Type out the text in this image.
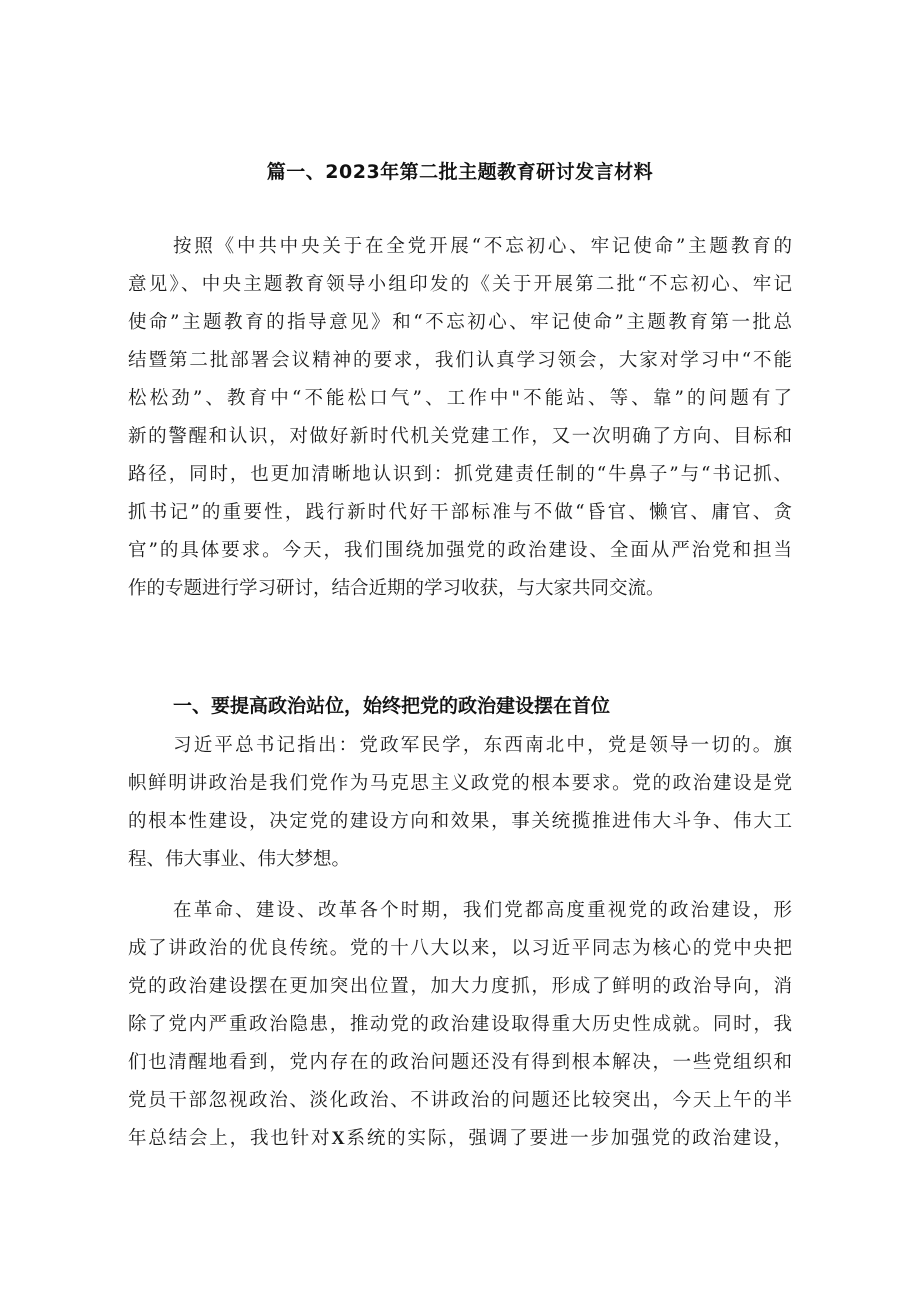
篇一、2023年第二批主题教育研讨发言材料
按照《中共中央关于在全党开展“不忘初心、牢记使命”主题教育的
意见》、中央主题教育领导小组印发的《关于开展第二批“不忘初心、牢记
使命”主题教育的指导意见》和“不忘初心、牢记使命”主题教育第一批总
结暨第二批部署会议精神的要求，我们认真学习领会，大家对学习中“不能
松松劲”、教育中“不能松口气”、工作中"不能站、等、靠”的问题有了
新的警醒和认识，对做好新时代机关党建工作，又一次明确了方向、目标和
路径，同时，也更加清晰地认识到：抓党建责任制的“牛鼻子”与“书记抓、
抓书记”的重要性，践行新时代好干部标准与不做“昏官、懒官、庸官、贪
官”的具体要求。今天，我们围绕加强党的政治建设、全面从严治党和担当
作的专题进行学习研讨，结合近期的学习收获，与大家共同交流。
一、要提高政治站位，始终把党的政治建设摆在首位
习近平总书记指出：党政军民学，东西南北中，党是领导一切的。旗
帜鲜明讲政治是我们党作为马克思主义政党的根本要求。党的政治建设是党
的根本性建设，决定党的建设方向和效果，事关统揽推进伟大斗争、伟大工
程、伟大事业、伟大梦想。
在革命、建设、改革各个时期，我们党都高度重视党的政治建设，形
成了讲政治的优良传统。党的十八大以来，以习近平同志为核心的党中央把
党的政治建设摆在更加突出位置，加大力度抓，形成了鲜明的政治导向，消
除了党内严重政治隐患，推动党的政治建设取得重大历史性成就。同时，我
们也清醒地看到，党内存在的政治问题还没有得到根本解决，一些党组织和
党员干部忽视政治、淡化政治、不讲政治的问题还比较突出，今天上午的半
年总结会上，我也针对X系统的实际，强调了要进一步加强党的政治建设，
